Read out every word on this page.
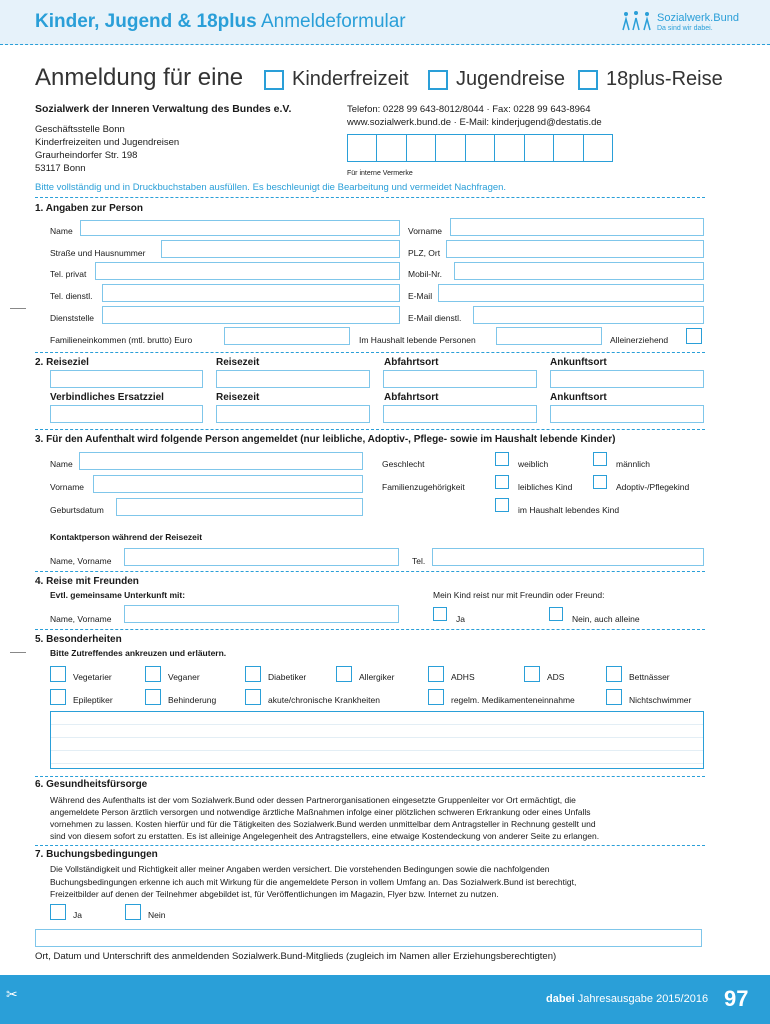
Kinder, Jugend & 18plus Anmeldeformular	Sozialwerk.Bund
Da sind wir dabei.
Anmeldung für eine Kinderfreizeit Jugendreise 18plus-Reise
Sozialwerk der Inneren Verwaltung des Bundes e.V.
Geschäftsstelle Bonn
Kinderfreizeiten und Jugendreisen
Graurheindorfer Str. 198
53117 Bonn
Telefon: 0228 99 643-8012/8044 · Fax: 0228 99 643-8964
www.sozialwerk.bund.de · E-Mail: kinderjugend@destatis.de
Für interne Vermerke
Bitte vollständig und in Druckbuchstaben ausfüllen. Es beschleunigt die Bearbeitung und vermeidet Nachfragen.
1. Angaben zur Person
Name	Vorname
Straße und Hausnummer	PLZ, Ort
Tel. privat	Mobil-Nr.
Tel. dienstl.	E-Mail
Dienststelle	E-Mail dienstl.
Familieneinkommen (mtl. brutto) Euro	Im Haushalt lebende Personen	Alleinerziehend
2. Reiseziel	Reisezeit	Abfahrtsort	Ankunftsort
Verbindliches Ersatzziel	Reisezeit	Abfahrtsort	Ankunftsort
3. Für den Aufenthalt wird folgende Person angemeldet (nur leibliche, Adoptiv-, Pflege- sowie im Haushalt lebende Kinder)
Name	Geschlecht	weiblich	männlich
Vorname	Familienzugehörigkeit	leibliches Kind	Adoptiv-/Pflegekind
Geburtsdatum	im Haushalt lebendes Kind
Kontaktperson während der Reisezeit
Name, Vorname	Tel.
4. Reise mit Freunden
Evtl. gemeinsame Unterkunft mit:	Mein Kind reist nur mit Freundin oder Freund:
Name, Vorname	Ja	Nein, auch alleine
5. Besonderheiten
Bitte Zutreffendes ankreuzen und erläutern.
Vegetarier	Veganer	Diabetiker	Allergiker	ADHS	ADS	Bettnässer
Epileptiker	Behinderung	akute/chronische Krankheiten	regelm. Medikamenteneinnahme	Nichtschwimmer
6. Gesundheitsfürsorge
Während des Aufenthalts ist der vom Sozialwerk.Bund oder dessen Partnerorganisationen eingesetzte Gruppenleiter vor Ort ermächtigt, die
angemeldete Person ärztlich versorgen und notwendige ärztliche Maßnahmen infolge einer plötzlichen schweren Erkrankung oder eines Unfalls
vornehmen zu lassen. Kosten hierfür und für die Tätigkeiten des Sozialwerk.Bund werden unmittelbar dem Antragsteller in Rechnung gestellt und
sind von diesem sofort zu erstatten. Es ist alleinige Angelegenheit des Antragstellers, eine etwaige Kostendeckung von anderer Seite zu erlangen.
7. Buchungsbedingungen
Die Vollständigkeit und Richtigkeit aller meiner Angaben werden versichert. Die vorstehenden Bedingungen sowie die nachfolgenden
Buchungsbedingungen erkenne ich auch mit Wirkung für die angemeldete Person in vollem Umfang an. Das Sozialwerk.Bund ist berechtigt,
Freizeitbilder auf denen der Teilnehmer abgebildet ist, für Veröffentlichungen im Magazin, Flyer bzw. Internet zu nutzen.
Ja	Nein
Ort, Datum und Unterschrift des anmeldenden Sozialwerk.Bund-Mitglieds (zugleich im Namen aller Erziehungsberechtigten)
✂	dabei Jahresausgabe 2015/2016 97
